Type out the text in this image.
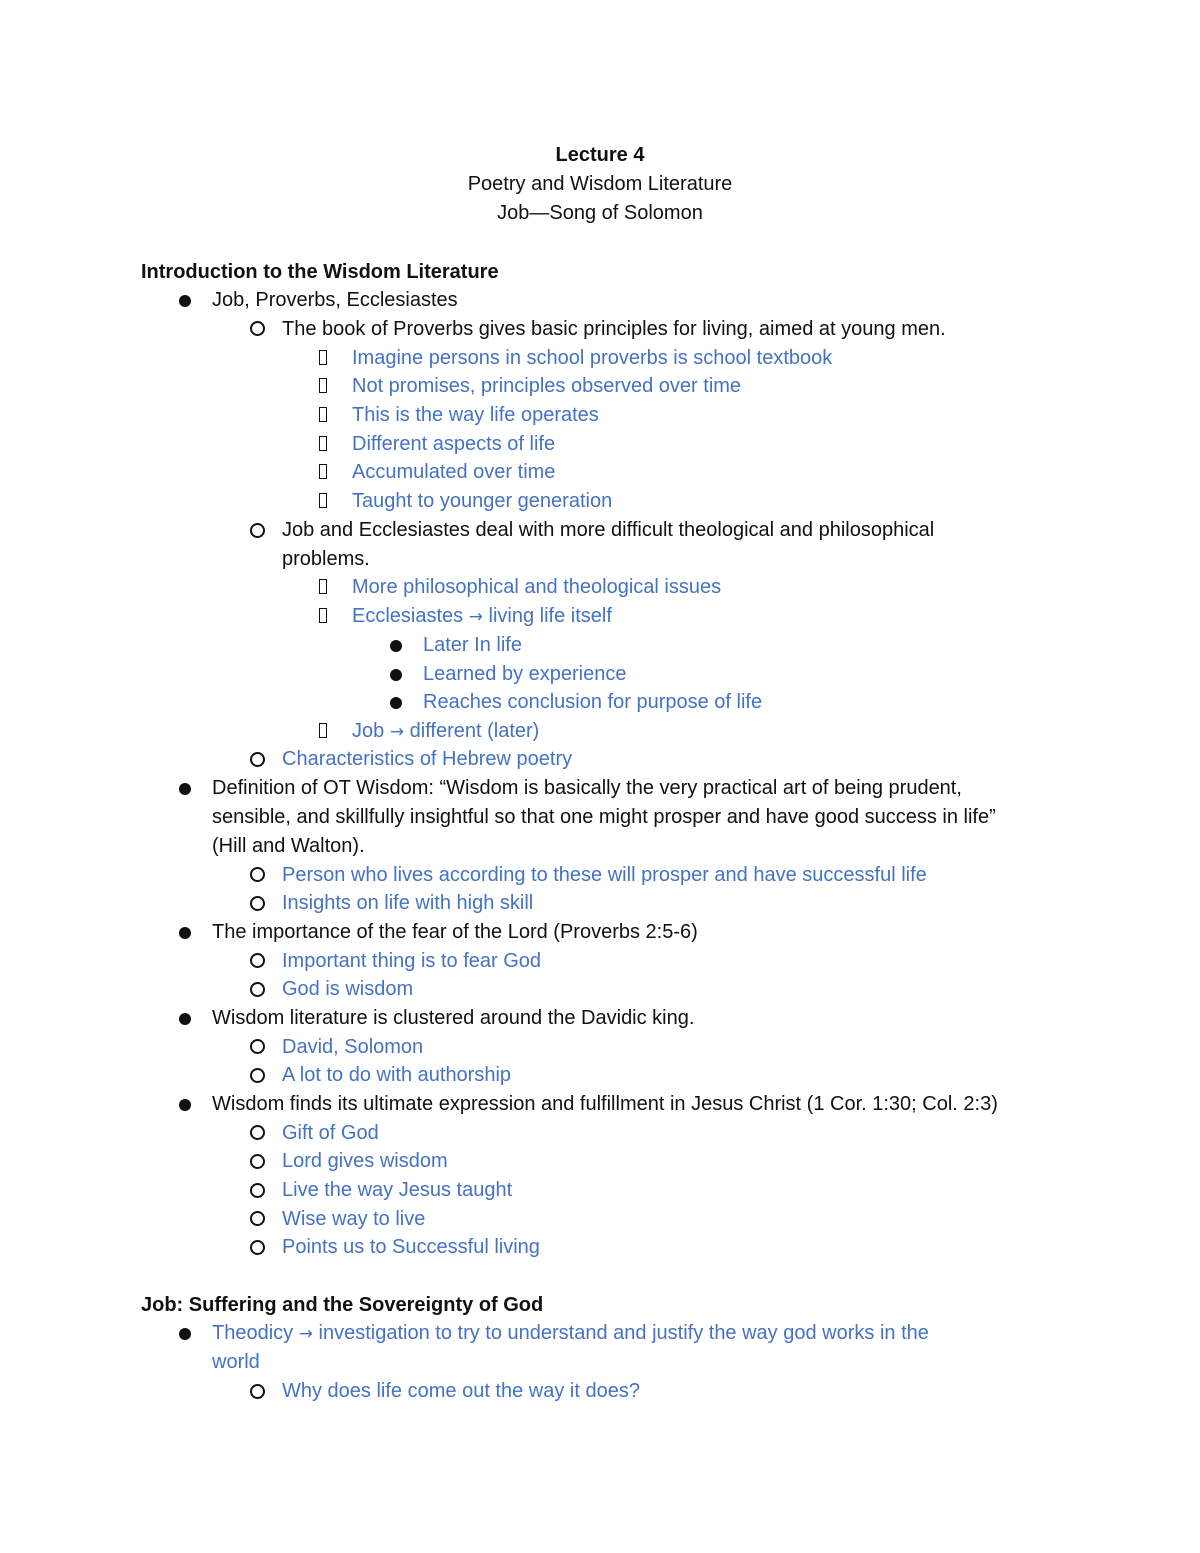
Lecture 4
Poetry and Wisdom Literature
Job—Song of Solomon
Introduction to the Wisdom Literature
Job, Proverbs, Ecclesiastes
The book of Proverbs gives basic principles for living, aimed at young men.
Imagine persons in school proverbs is school textbook
Not promises, principles observed over time
This is the way life operates
Different aspects of life
Accumulated over time
Taught to younger generation
Job and Ecclesiastes deal with more difficult theological and philosophical
problems.
More philosophical and theological issues
Ecclesiastes → living life itself
Later In life
Learned by experience
Reaches conclusion for purpose of life
Job → different (later)
Characteristics of Hebrew poetry
Definition of OT Wisdom: “Wisdom is basically the very practical art of being prudent,
sensible, and skillfully insightful so that one might prosper and have good success in life”
(Hill and Walton).
Person who lives according to these will prosper and have successful life
Insights on life with high skill
The importance of the fear of the Lord (Proverbs 2:5-6)
Important thing is to fear God
God is wisdom
Wisdom literature is clustered around the Davidic king.
David, Solomon
A lot to do with authorship
Wisdom finds its ultimate expression and fulfillment in Jesus Christ (1 Cor. 1:30; Col. 2:3)
Gift of God
Lord gives wisdom
Live the way Jesus taught
Wise way to live
Points us to Successful living
Job: Suffering and the Sovereignty of God
Theodicy → investigation to try to understand and justify the way god works in the
world
Why does life come out the way it does?
